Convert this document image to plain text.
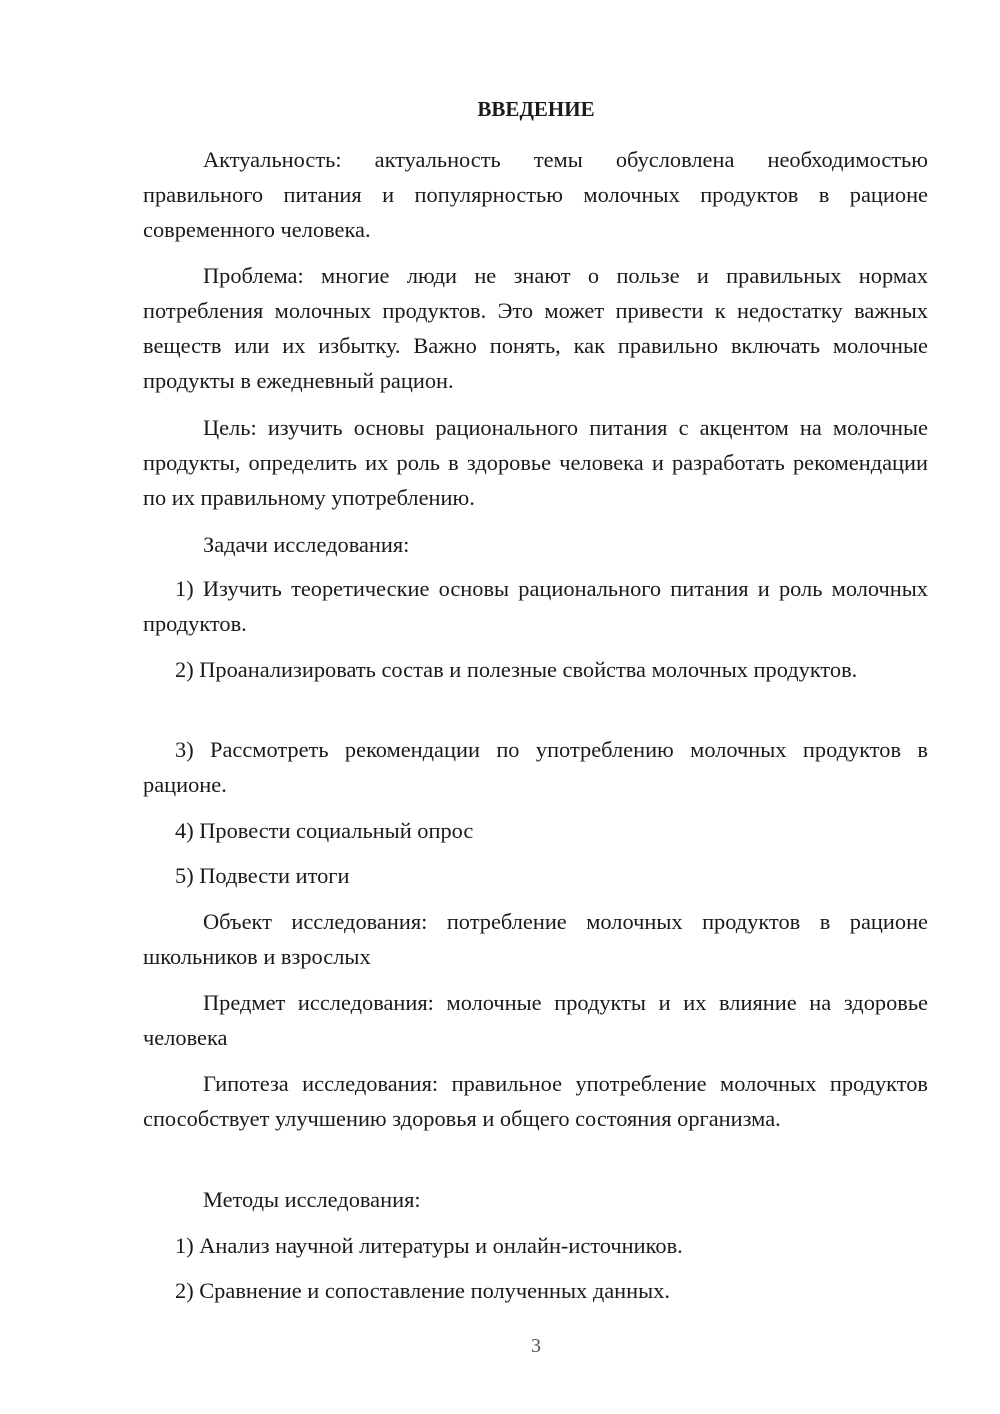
ВВЕДЕНИЕ
Актуальность: актуальность темы обусловлена необходимостью правильного питания и популярностью молочных продуктов в рационе современного человека.
Проблема: многие люди не знают о пользе и правильных нормах потребления молочных продуктов. Это может привести к недостатку важных веществ или их избытку. Важно понять, как правильно включать молочные продукты в ежедневный рацион.
Цель: изучить основы рационального питания с акцентом на молочные продукты, определить их роль в здоровье человека и разработать рекомендации по их правильному употреблению.
Задачи исследования:
1) Изучить теоретические основы рационального питания и роль молочных продуктов.
2) Проанализировать состав и полезные свойства молочных продуктов.
3) Рассмотреть рекомендации по употреблению молочных продуктов в рационе.
4) Провести социальный опрос
5) Подвести итоги
Объект исследования: потребление молочных продуктов в рационе школьников и взрослых
Предмет исследования: молочные продукты и их влияние на здоровье человека
Гипотеза исследования: правильное употребление молочных продуктов способствует улучшению здоровья и общего состояния организма.
Методы исследования:
1) Анализ научной литературы и онлайн-источников.
2) Сравнение и сопоставление полученных данных.
3
